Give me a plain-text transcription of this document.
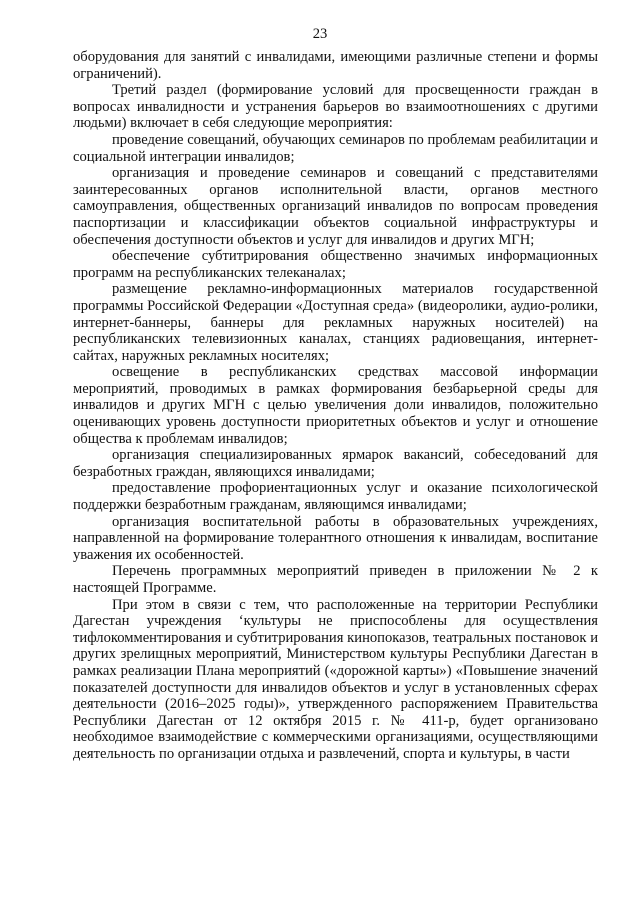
23

оборудования для занятий с инвалидами, имеющими различные степени и формы ограничений).

Третий раздел (формирование условий для просвещенности граждан в вопросах инвалидности и устранения барьеров во взаимоотношениях с другими людьми) включает в себя следующие мероприятия:

проведение совещаний, обучающих семинаров по проблемам реабилитации и социальной интеграции инвалидов;

организация и проведение семинаров и совещаний с представителями заинтересованных органов исполнительной власти, органов местного самоуправления, общественных организаций инвалидов по вопросам проведения паспортизации и классификации объектов социальной инфраструктуры и обеспечения доступности объектов и услуг для инвалидов и других МГН;

обеспечение субтитрирования общественно значимых информационных программ на республиканских телеканалах;

размещение рекламно-информационных материалов государственной программы Российской Федерации «Доступная среда» (видеоролики, аудио-ролики, интернет-баннеры, баннеры для рекламных наружных носителей) на республиканских телевизионных каналах, станциях радиовещания, интернет-сайтах, наружных рекламных носителях;

освещение в республиканских средствах массовой информации мероприятий, проводимых в рамках формирования безбарьерной среды для инвалидов и других МГН с целью увеличения доли инвалидов, положительно оценивающих уровень доступности приоритетных объектов и услуг и отношение общества к проблемам инвалидов;

организация специализированных ярмарок вакансий, собеседований для безработных граждан, являющихся инвалидами;

предоставление профориентационных услуг и оказание психологической поддержки безработным гражданам, являющимся инвалидами;

организация воспитательной работы в образовательных учреждениях, направленной на формирование толерантного отношения к инвалидам, воспитание уважения их особенностей.

Перечень программных мероприятий приведен в приложении № 2 к настоящей Программе.

При этом в связи с тем, что расположенные на территории Республики Дагестан учреждения ‘культуры не приспособлены для осуществления тифлокомментирования и субтитрирования кинопоказов, театральных постановок и других зрелищных мероприятий, Министерством культуры Республики Дагестан в рамках реализации Плана мероприятий («дорожной карты») «Повышение значений показателей доступности для инвалидов объектов и услуг в установленных сферах деятельности (2016–2025 годы)», утвержденного распоряжением Правительства Республики Дагестан от 12 октября 2015 г. № 411-р, будет организовано необходимое взаимодействие с коммерческими организациями, осуществляющими деятельность по организации отдыха и развлечений, спорта и культуры, в части
